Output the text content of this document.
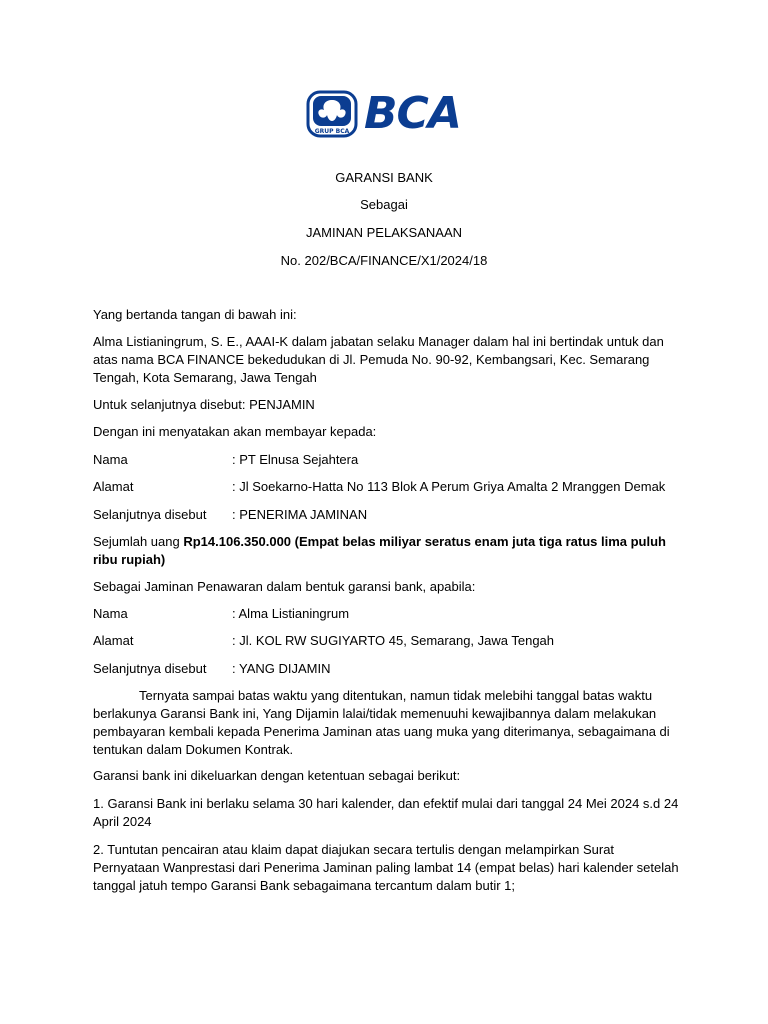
GRUP BCA BCA
GARANSI BANK
Sebagai
JAMINAN PELAKSANAAN
No. 202/BCA/FINANCE/X1/2024/18
Yang bertanda tangan di bawah ini:
Alma Listianingrum, S. E., AAAI-K dalam jabatan selaku Manager dalam hal ini bertindak untuk dan atas nama BCA FINANCE bekedudukan di Jl. Pemuda No. 90-92, Kembangsari, Kec. Semarang Tengah, Kota Semarang, Jawa Tengah
Untuk selanjutnya disebut: PENJAMIN
Dengan ini menyatakan akan membayar kepada:
Nama	: PT Elnusa Sejahtera
Alamat	: Jl Soekarno-Hatta No 113 Blok A Perum Griya Amalta 2 Mranggen Demak
Selanjutnya disebut : PENERIMA JAMINAN
Sejumlah uang Rp14.106.350.000 (Empat belas miliyar seratus enam juta tiga ratus lima puluh ribu rupiah)
Sebagai Jaminan Penawaran dalam bentuk garansi bank, apabila:
Nama	: Alma Listianingrum
Alamat	: Jl. KOL RW SUGIYARTO 45, Semarang, Jawa Tengah
Selanjutnya disebut : YANG DIJAMIN
Ternyata sampai batas waktu yang ditentukan, namun tidak melebihi tanggal batas waktu berlakunya Garansi Bank ini, Yang Dijamin lalai/tidak memenuuhi kewajibannya dalam melakukan pembayaran kembali kepada Penerima Jaminan atas uang muka yang diterimanya, sebagaimana di tentukan dalam Dokumen Kontrak.
Garansi bank ini dikeluarkan dengan ketentuan sebagai berikut:
1. Garansi Bank ini berlaku selama 30 hari kalender, dan efektif mulai dari tanggal 24 Mei 2024 s.d 24 April 2024
2. Tuntutan pencairan atau klaim dapat diajukan secara tertulis dengan melampirkan Surat Pernyataan Wanprestasi dari Penerima Jaminan paling lambat 14 (empat belas) hari kalender setelah tanggal jatuh tempo Garansi Bank sebagaimana tercantum dalam butir 1;
